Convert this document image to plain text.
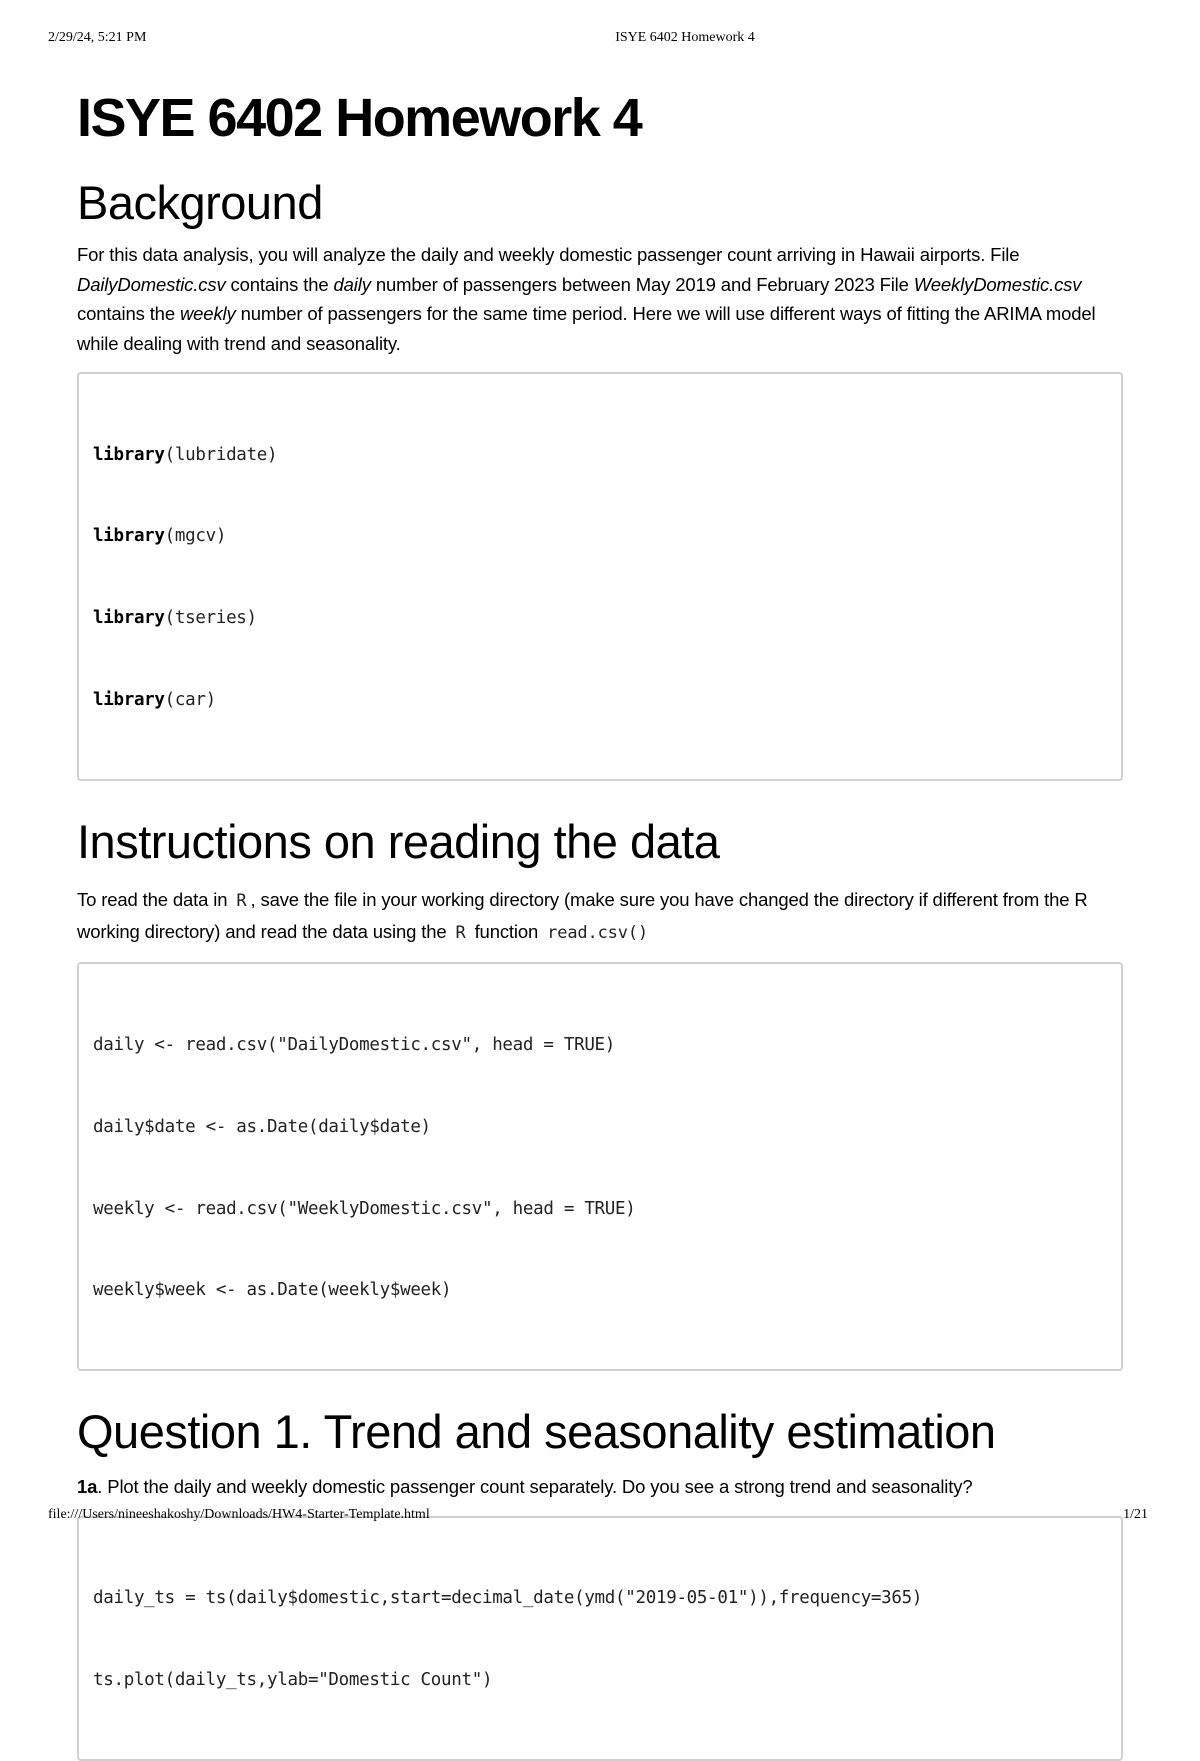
2/29/24, 5:21 PM	ISYE 6402 Homework 4
ISYE 6402 Homework 4
Background

For this data analysis, you will analyze the daily and weekly domestic passenger count arriving in Hawaii airports. File DailyDomestic.csv contains the daily number of passengers between May 2019 and February 2023 File WeeklyDomestic.csv contains the weekly number of passengers for the same time period. Here we will use different ways of fitting the ARIMA model while dealing with trend and seasonality.

library(lubridate)

library(mgcv)

library(tseries)

library(car)

Instructions on reading the data

To read the data in R , save the file in your working directory (make sure you have changed the directory if different from the R working directory) and read the data using the R function read.csv()

daily <- read.csv("DailyDomestic.csv", head = TRUE)

daily$date <- as.Date(daily$date)

weekly <- read.csv("WeeklyDomestic.csv", head = TRUE)

weekly$week <- as.Date(weekly$week)

Question 1. Trend and seasonality estimation

1a. Plot the daily and weekly domestic passenger count separately. Do you see a strong trend and seasonality?

daily_ts = ts(daily$domestic,start=decimal_date(ymd("2019-05-01")),frequency=365)

ts.plot(daily_ts,ylab="Domestic Count")

file:///Users/nineeshakoshy/Downloads/HW4-Starter-Template.html	1/21
